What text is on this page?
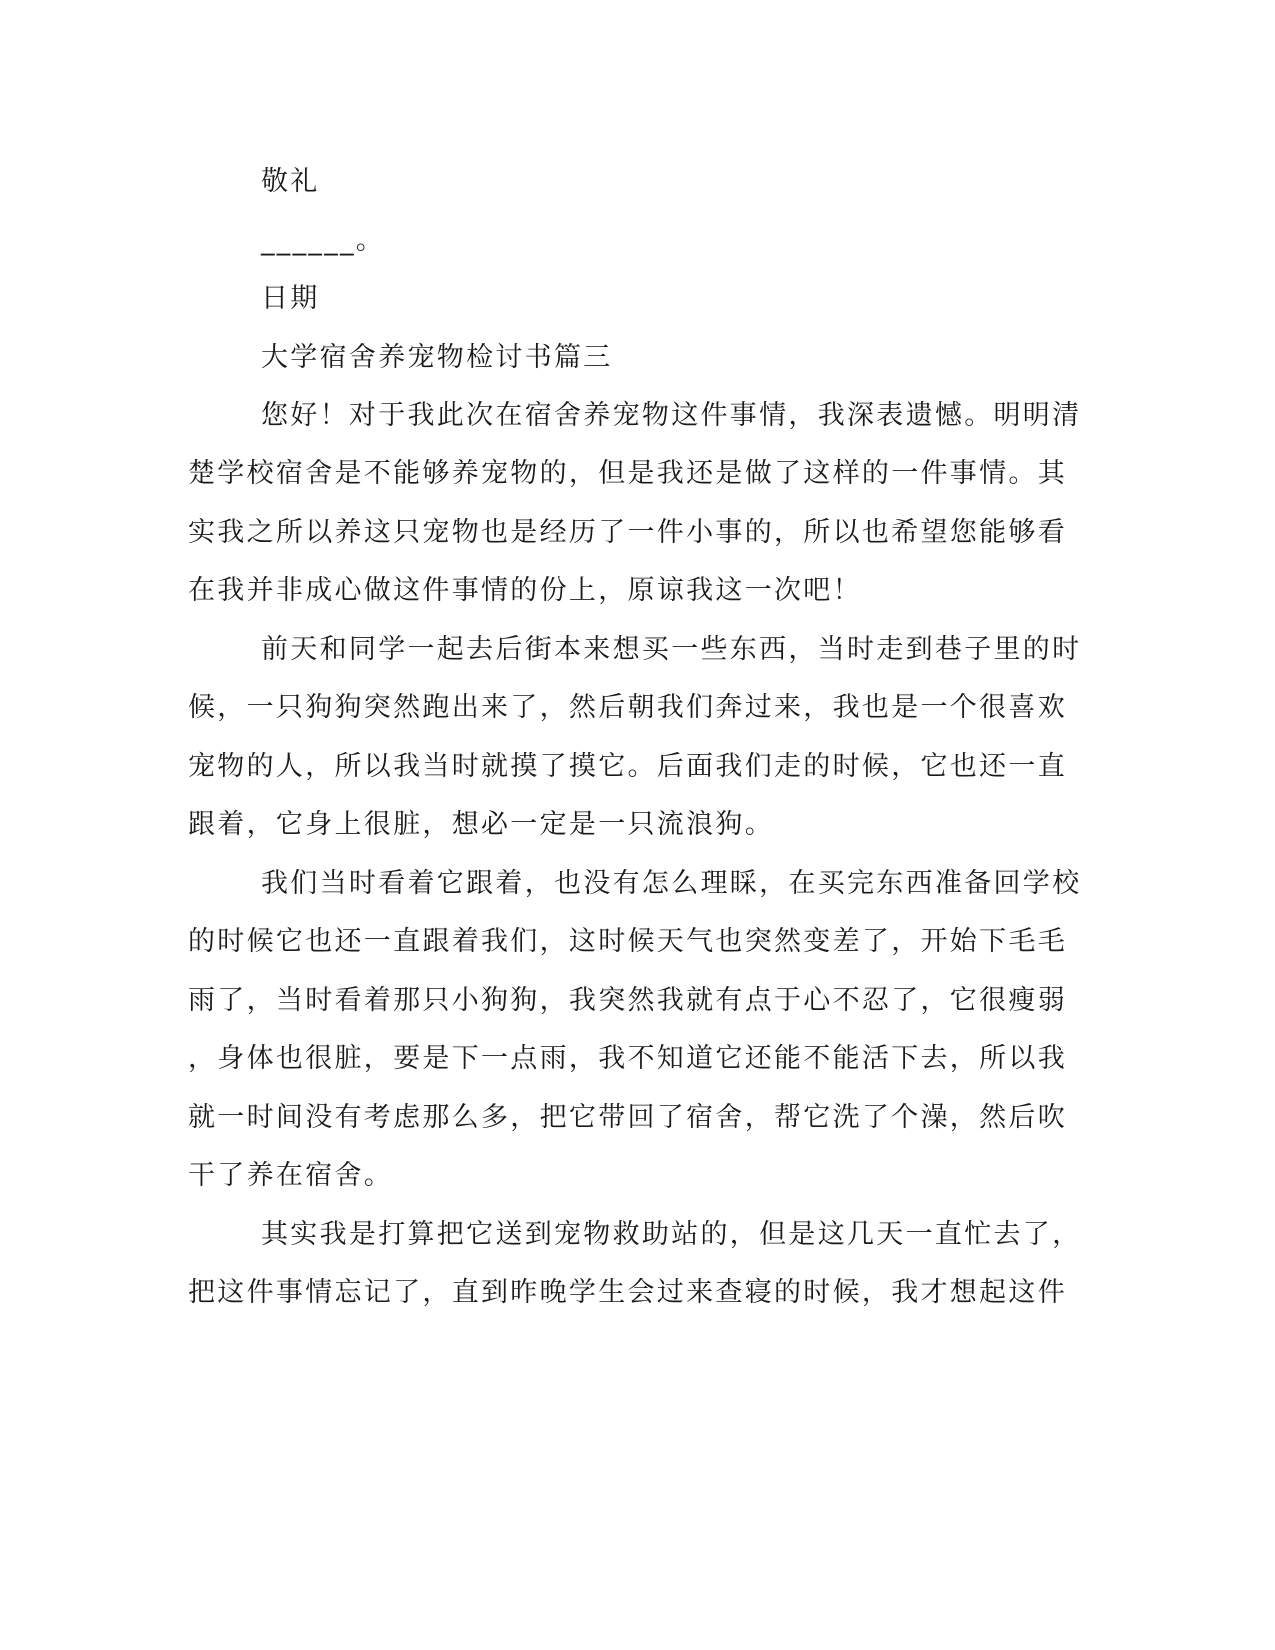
敬礼
______。
日期
大学宿舍养宠物检讨书篇三
您好！对于我此次在宿舍养宠物这件事情，我深表遗憾。明明清
楚学校宿舍是不能够养宠物的，但是我还是做了这样的一件事情。其
实我之所以养这只宠物也是经历了一件小事的，所以也希望您能够看
在我并非成心做这件事情的份上，原谅我这一次吧！
前天和同学一起去后街本来想买一些东西，当时走到巷子里的时
候，一只狗狗突然跑出来了，然后朝我们奔过来，我也是一个很喜欢
宠物的人，所以我当时就摸了摸它。后面我们走的时候，它也还一直
跟着，它身上很脏，想必一定是一只流浪狗。
我们当时看着它跟着，也没有怎么理睬，在买完东西准备回学校
的时候它也还一直跟着我们，这时候天气也突然变差了，开始下毛毛
雨了，当时看着那只小狗狗，我突然我就有点于心不忍了，它很瘦弱
，身体也很脏，要是下一点雨，我不知道它还能不能活下去，所以我
就一时间没有考虑那么多，把它带回了宿舍，帮它洗了个澡，然后吹
干了养在宿舍。
其实我是打算把它送到宠物救助站的，但是这几天一直忙去了，
把这件事情忘记了，直到昨晚学生会过来查寝的时候，我才想起这件
